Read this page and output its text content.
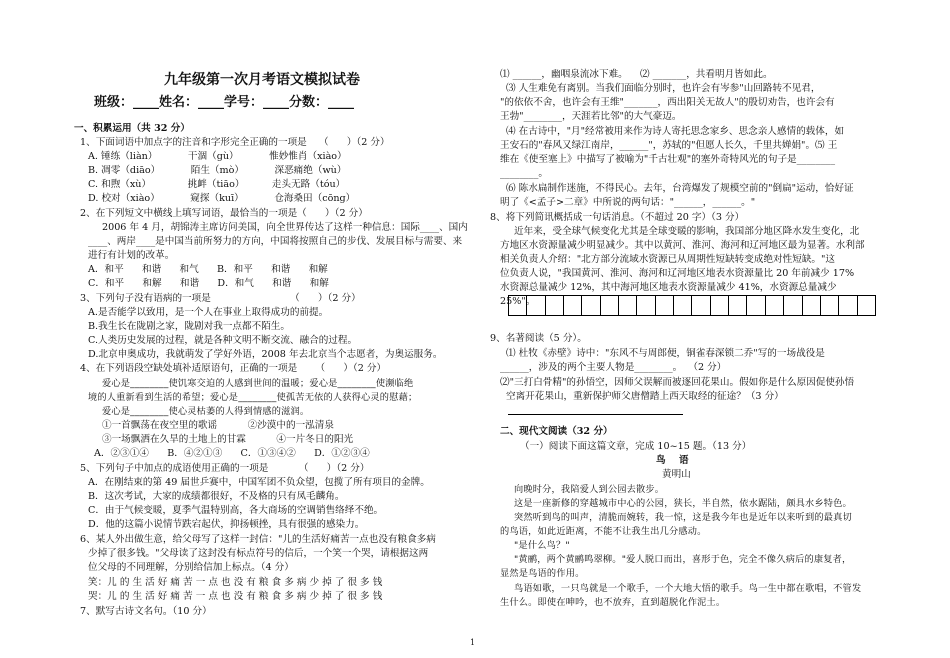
九年级第一次月考语文模拟试卷
班级：____姓名：____学号：____分数：____
一、积累运用（共 32 分）
1、下面词语中加点字的注音和字形完全正确的一项是    （      ）（2 分）
A. 锤练（liàn）          干涸（gù）          惟妙惟肖（xiào）
B. 凋零（diāo）          陌生（mò）          深恶痛绝（wù）
C. 和煦（xù）            挑衅（tiāo）         走头无路（tóu）
D. 校对（xiào）          窥探（kuī）          仓海桑田（cōng）
2、在下列短文中横线上填写词语，最恰当的一项是（      ）（2 分）
2006 年 4 月，胡锦涛主席访问美国，向全世界传达了这样一种信息：国际____、国内
____、两岸____是中国当前所努力的方向，中国将按照自己的步伐、发展目标与需要、来
进行有计划的改革。
A．和平      和谐      和气      B．和平      和谐      和解
C．和平      和解      和谐      D．和气      和谐      和解
3、下列句子没有语病的一项是                          （      ）（2 分）
A.是否能学以致用，是一个人在事业上取得成功的前提。
B.我生长在陇剧之家，陇剧对我一点都不陌生。
C.人类历史发展的过程，就是各种文明不断交流、融合的过程。
D.北京申奥成功，我就萌发了学好外语，2008 年去北京当个志愿者，为奥运服务。
4、在下列语段空缺处填补适原语句，正确的一项是      （      ）（2 分）
爱心是________使饥寒交迫的人感到世间的温暖；爱心是________使濒临绝
境的人重新看到生活的希望；爱心是________使孤苦无依的人获得心灵的慰藉；
爱心是________使心灵枯萎的人得到情感的滋润。
①一首飘荡在夜空里的歌谣          ②沙漠中的一泓清泉
③一场飘洒在久旱的土地上的甘霖          ④一片冬日的阳光
A．②③①④      B．④②①③      C．①③④②      D．①②③④
5、下列句子中加点的成语使用正确的一项是          （      ）（2 分）
A．在刚结束的第 49 届世乒赛中，中国军团不负众望，包揽了所有项目的金牌。
B．这次考试，大家的成绩都很好，不及格的只有凤毛麟角。
C．由于气候变暖，夏季气温特别高，各大商场的空调销售络绎不绝。
D．他的这篇小说情节跌宕起伏，抑扬顿挫，具有很强的感染力。
6、某人外出做生意，给父母写了这样一封信："儿的生活好痛苦一点也没有粮食多病
少掉了很多钱。"父母读了这封没有标点符号的信后，一个笑一个哭，请根据这两
位父母的不同理解，分别给信加上标点。（4 分）
笑：儿 的 生 活 好 痛 苦 一 点 也 没 有 粮 食 多 病 少 掉 了 很 多 钱
哭：儿 的 生 活 好 痛 苦 一 点 也 没 有 粮 食 多 病 少 掉 了 很 多 钱
7、默写古诗文名句。（10 分）
⑴ ______，幽咽泉流冰下难。    ⑵ _______，共看明月皆如此。
⑶ 人生难免有离别。当我们面临分别时，也许会有岑参"山回路转不见君，
"的依依不舍，也许会有王维"_______，西出阳关无故人"的殷切劝告，也许会有
王勃"________，天涯若比邻"的大气豪迈。
⑷ 在古诗中，"月"经常被用来作为诗人寄托思念家乡、思念亲人感情的载体，如
王安石的"春风又绿江南岸，______"，苏轼的"但愿人长久，千里共婵娟"。⑸ 王
维在《使至塞上》中描写了被喻为"千古壮观"的塞外奇特风光的句子是________
________。
⑹ 陈水扁制作迷施，不得民心。去年，台湾爆发了规模空前的"倒扁"运动，恰好证
明了《<孟子>二章》中所说的两句话："______，______。"
8、将下列简讯概括成一句话消息。（不超过 20 字）（3 分）
近年来，受全球气候变化尤其是全球变暖的影响，我国部分地区降水发生变化，北
方地区水资源量减少明显减少。其中以黄河、淮河、海河和辽河地区最为显著。水利部
相关负责人介绍："北方部分流域水资源已从周期性短缺转变成绝对性短缺。"这
位负责人说，"我国黄河、淮河、海河和辽河地区地表水资源量比 20 年前减少 17%
水资源总量减少 12%，其中海河地区地表水资源量减少 41%，水资源总量减少
25%"。
9、名著阅读（5 分）。
⑴ 杜牧《赤壁》诗中："东风不与周郎便，铜雀春深锁二乔"写的一场战役是
______，涉及的两个主要人物是________。  （2 分）
⑵"三打白骨精"的孙悟空，因师父误解而被逐回花果山。假如你是什么原因促使孙悟
空离开花果山，重新保护师父唐僧踏上西天取经的征途？（3 分）
二、现代文阅读（32 分）
（一）阅读下面这篇文章，完成 10~15 题。（13 分）
鸟    语
黄明山
向晚时分，我陪爱人到公园去散步。
这是一座新修的穿越城市中心的公园，狭长，半自然，依水踞陆，颇具水乡特色。
突然听到鸟的叫声，清脆而婉转，我一惊，这是我今年也是近年以来听到的最真切
的鸟语，如此近距离，不能不让我生出几分感动。
"是什么鸟？"
"黄鹂，两个黄鹂鸣翠柳。"爱人脱口而出，喜形于色，完全不像久病后的康复者，
显然是鸟语的作用。
鸟语如歌，一只鸟就是一个歌手，一个大地大悟的歌手。鸟一生中都在歌唱，不管发
生什么。即使在呻吟，也不放弃，直到超脱化作泥土。
1
